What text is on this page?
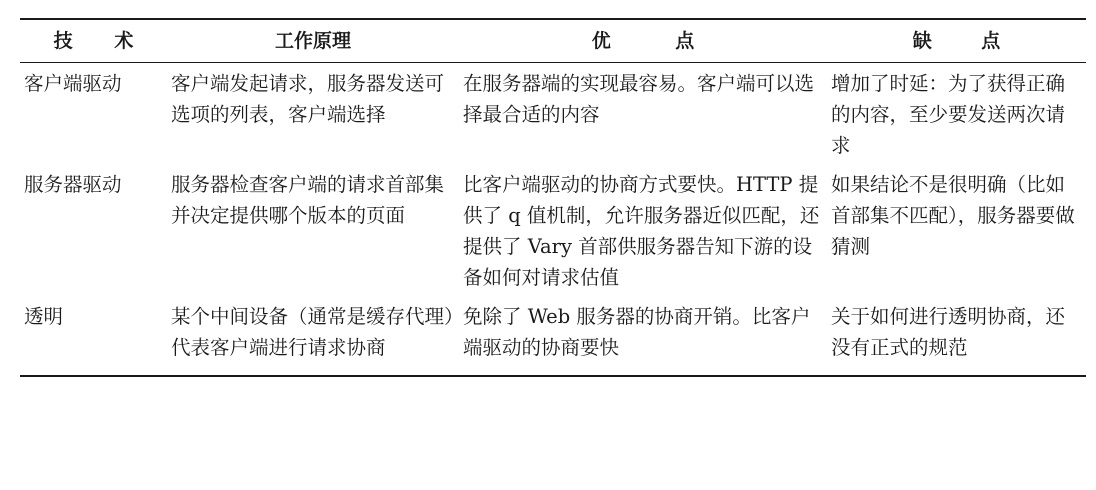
技 术	工作原理	优 点	缺 点
客户端驱动	客户端发起请求，服务器发送可选项的列表，客户端选择	在服务器端的实现最容易。客户端可以选择最合适的内容	增加了时延：为了获得正确的内容，至少要发送两次请求
服务器驱动	服务器检查客户端的请求首部集并决定提供哪个版本的页面	比客户端驱动的协商方式要快。HTTP 提供了 q 值机制，允许服务器近似匹配，还提供了 Vary 首部供服务器告知下游的设备如何对请求估值	如果结论不是很明确（比如首部集不匹配），服务器要做猜测
透明	某个中间设备（通常是缓存代理）代表客户端进行请求协商	免除了 Web 服务器的协商开销。比客户端驱动的协商要快	关于如何进行透明协商，还没有正式的规范
